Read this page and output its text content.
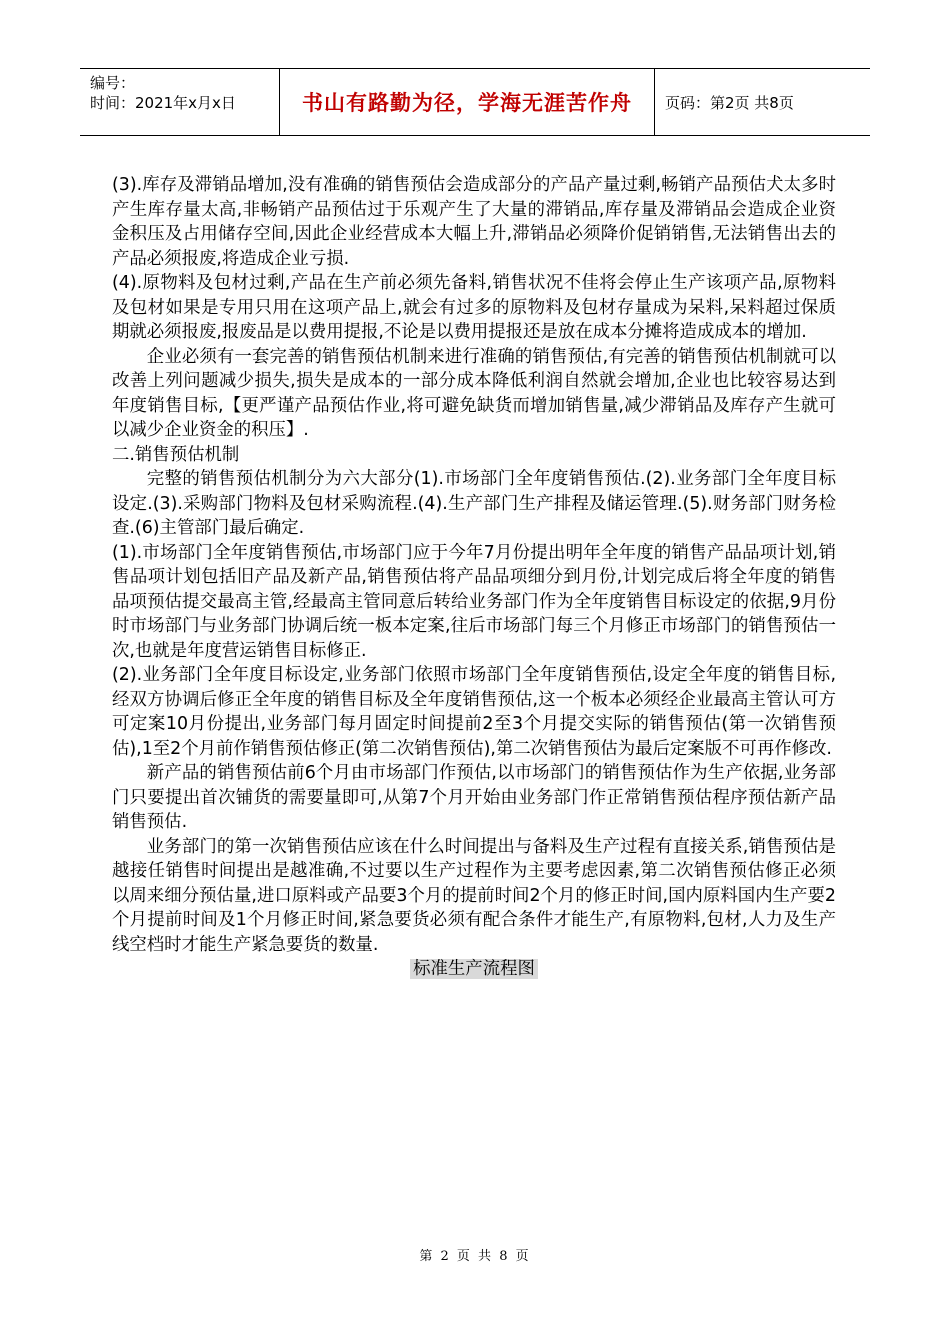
编号：
时间：2021年x月x日	书山有路勤为径，学海无涯苦作舟	页码：第2页 共8页

(3).库存及滞销品增加,没有准确的销售预估会造成部分的产品产量过剩,畅销产品预估犬太多时产生库存量太高,非畅销产品预估过于乐观产生了大量的滞销品,库存量及滞销品会造成企业资金积压及占用储存空间,因此企业经营成本大幅上升,滞销品必须降价促销销售,无法销售出去的产品必须报废,将造成企业亏损.

(4).原物料及包材过剩,产品在生产前必须先备料,销售状况不佳将会停止生产该项产品,原物料及包材如果是专用只用在这项产品上,就会有过多的原物料及包材存量成为呆料,呆料超过保质期就必须报废,报废品是以费用提报,不论是以费用提报还是放在成本分摊将造成成本的增加.

企业必须有一套完善的销售预估机制来进行准确的销售预估,有完善的销售预估机制就可以改善上列问题减少损失,损失是成本的一部分成本降低利润自然就会增加,企业也比较容易达到年度销售目标,【更严谨产品预估作业,将可避免缺货而增加销售量,减少滞销品及库存产生就可以减少企业资金的积压】.

二.销售预估机制

完整的销售预估机制分为六大部分(1).市场部门全年度销售预估.(2).业务部门全年度目标设定.(3).采购部门物料及包材采购流程.(4).生产部门生产排程及储运管理.(5).财务部门财务检查.(6)主管部门最后确定.

(1).市场部门全年度销售预估,市场部门应于今年7月份提出明年全年度的销售产品品项计划,销售品项计划包括旧产品及新产品,销售预估将产品品项细分到月份,计划完成后将全年度的销售品项预估提交最高主管,经最高主管同意后转给业务部门作为全年度销售目标设定的依据,9月份时市场部门与业务部门协调后统一板本定案,往后市场部门每三个月修正市场部门的销售预估一次,也就是年度营运销售目标修正.

(2).业务部门全年度目标设定,业务部门依照市场部门全年度销售预估,设定全年度的销售目标,经双方协调后修正全年度的销售目标及全年度销售预估,这一个板本必须经企业最高主管认可方可定案10月份提出,业务部门每月固定时间提前2至3个月提交实际的销售预估(第一次销售预估),1至2个月前作销售预估修正(第二次销售预估),第二次销售预估为最后定案版不可再作修改.

新产品的销售预估前6个月由市场部门作预估,以市场部门的销售预估作为生产依据,业务部门只要提出首次铺货的需要量即可,从第7个月开始由业务部门作正常销售预估程序预估新产品销售预估.

业务部门的第一次销售预估应该在什么时间提出与备料及生产过程有直接关系,销售预估是越接任销售时间提出是越准确,不过要以生产过程作为主要考虑因素,第二次销售预估修正必须以周来细分预估量,进口原料或产品要3个月的提前时间2个月的修正时间,国内原料国内生产要2个月提前时间及1个月修正时间,紧急要货必须有配合条件才能生产,有原物料,包材,人力及生产线空档时才能生产紧急要货的数量.

标准生产流程图

第 2 页 共 8 页
